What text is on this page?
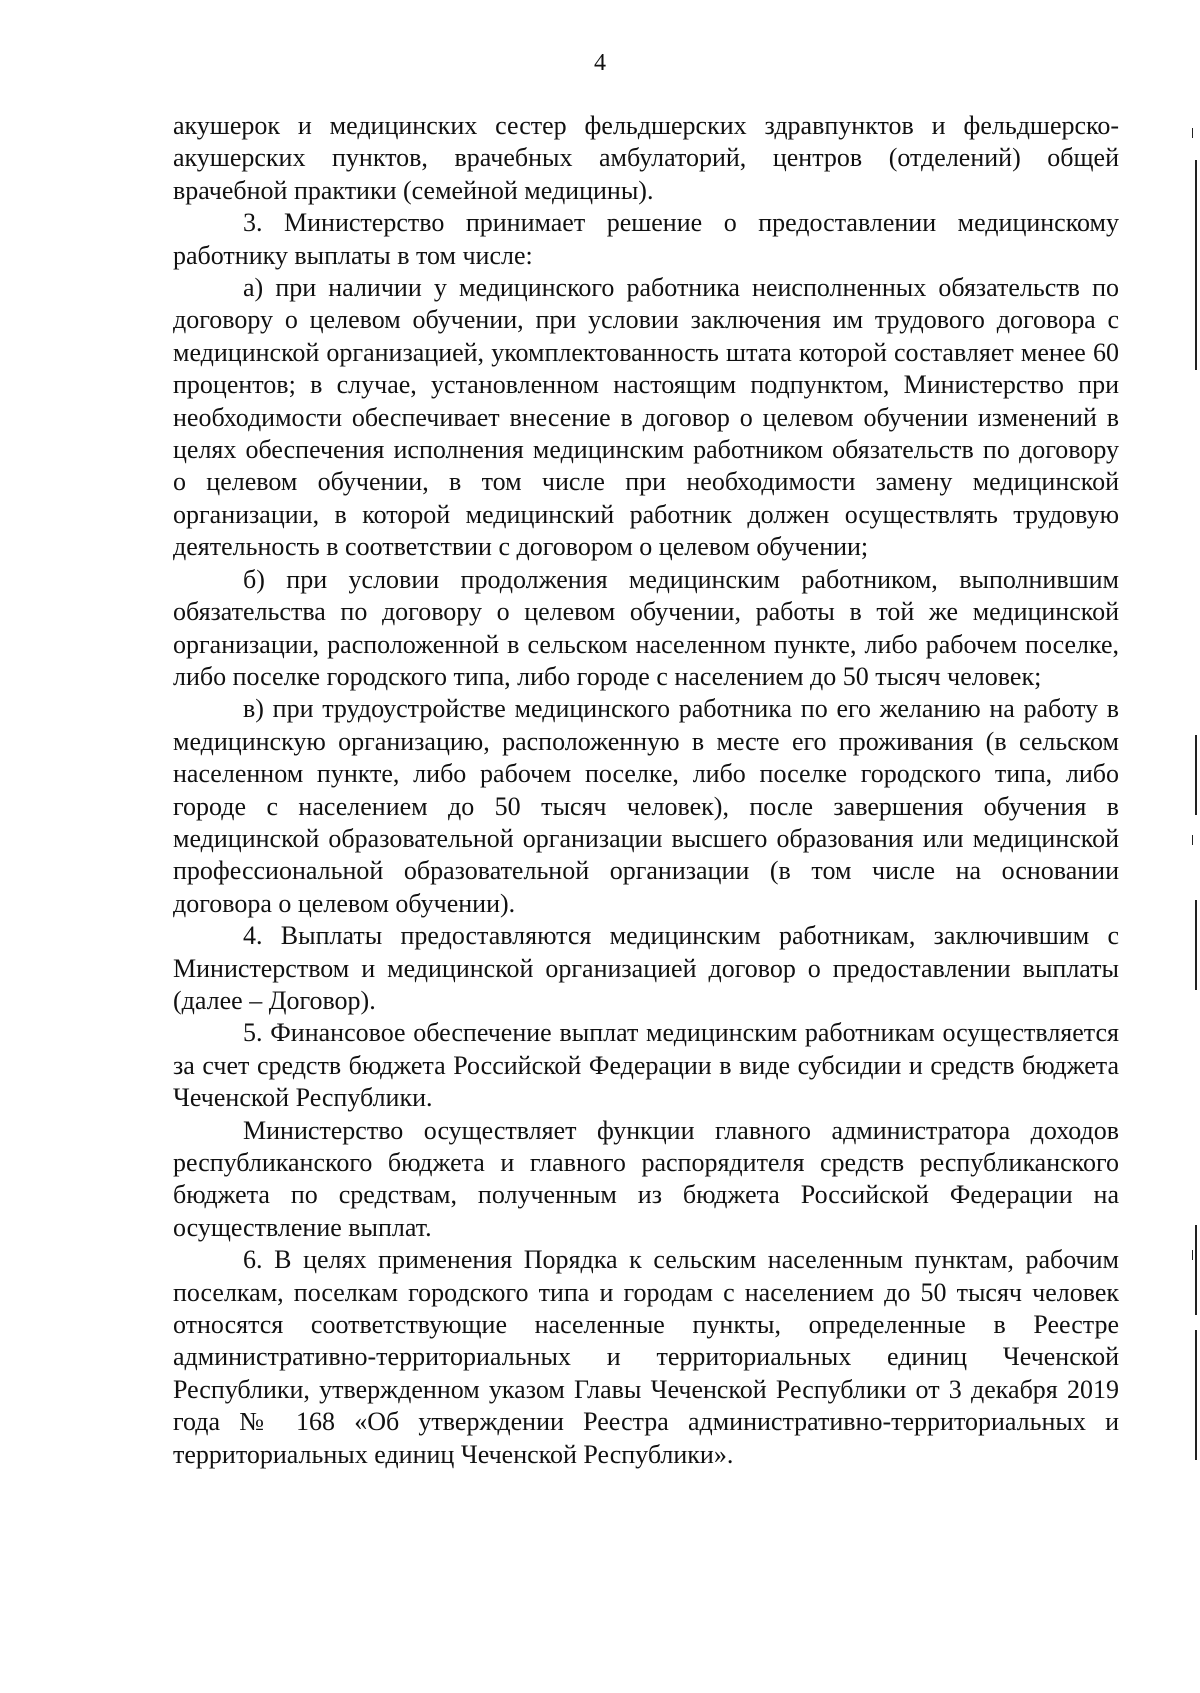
4

акушерок и медицинских сестер фельдшерских здравпунктов и фельдшерско-акушерских пунктов, врачебных амбулаторий, центров (отделений) общей врачебной практики (семейной медицины).

3. Министерство принимает решение о предоставлении медицинскому работнику выплаты в том числе:

а) при наличии у медицинского работника неисполненных обязательств по договору о целевом обучении, при условии заключения им трудового договора с медицинской организацией, укомплектованность штата которой составляет менее 60 процентов; в случае, установленном настоящим подпунктом, Министерство при необходимости обеспечивает внесение в договор о целевом обучении изменений в целях обеспечения исполнения медицинским работником обязательств по договору о целевом обучении, в том числе при необходимости замену медицинской организации, в которой медицинский работник должен осуществлять трудовую деятельность в соответствии с договором о целевом обучении;

б) при условии продолжения медицинским работником, выполнившим обязательства по договору о целевом обучении, работы в той же медицинской организации, расположенной в сельском населенном пункте, либо рабочем поселке, либо поселке городского типа, либо городе с населением до 50 тысяч человек;

в) при трудоустройстве медицинского работника по его желанию на работу в медицинскую организацию, расположенную в месте его проживания (в сельском населенном пункте, либо рабочем поселке, либо поселке городского типа, либо городе с населением до 50 тысяч человек), после завершения обучения в медицинской образовательной организации высшего образования или медицинской профессиональной образовательной организации (в том числе на основании договора о целевом обучении).

4. Выплаты предоставляются медицинским работникам, заключившим с Министерством и медицинской организацией договор о предоставлении выплаты (далее – Договор).

5. Финансовое обеспечение выплат медицинским работникам осуществляется за счет средств бюджета Российской Федерации в виде субсидии и средств бюджета Чеченской Республики.

Министерство осуществляет функции главного администратора доходов республиканского бюджета и главного распорядителя средств республиканского бюджета по средствам, полученным из бюджета Российской Федерации на осуществление выплат.

6. В целях применения Порядка к сельским населенным пунктам, рабочим поселкам, поселкам городского типа и городам с населением до 50 тысяч человек относятся соответствующие населенные пункты, определенные в Реестре административно-территориальных и территориальных единиц Чеченской Республики, утвержденном указом Главы Чеченской Республики от 3 декабря 2019 года № 168 «Об утверждении Реестра административно-территориальных и территориальных единиц Чеченской Республики».
